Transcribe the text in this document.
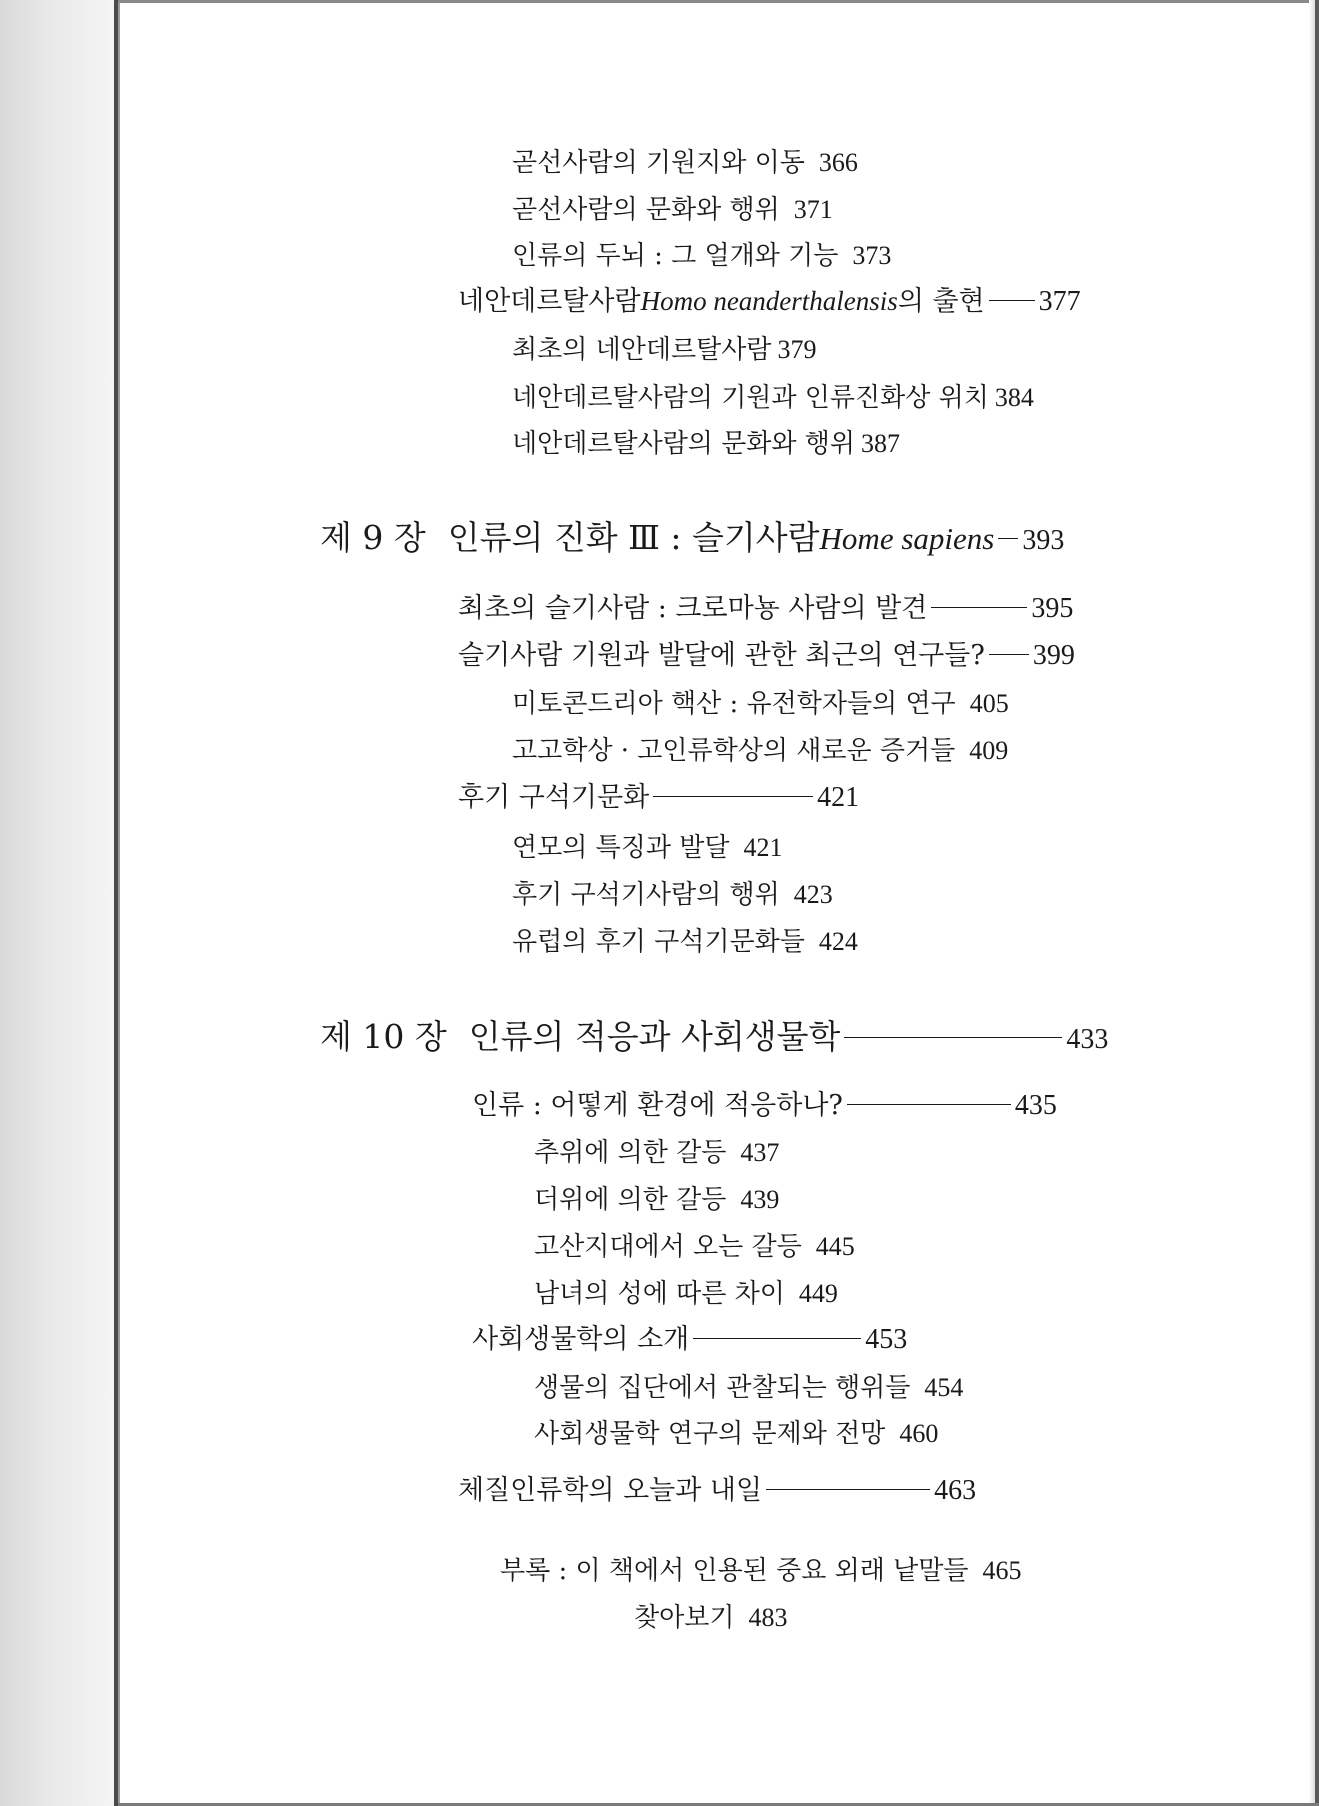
곧선사람의 기원지와 이동 366
곧선사람의 문화와 행위 371
인류의 두뇌 : 그 얼개와 기능 373
네안데르탈사람Homo neanderthalensis의 출현 377
최초의 네안데르탈사람 379
네안데르탈사람의 기원과 인류진화상 위치 384
네안데르탈사람의 문화와 행위 387
제 9 장 인류의 진화 Ⅲ : 슬기사람Home sapiens 393
최초의 슬기사람 : 크로마뇽 사람의 발견	395
슬기사람 기원과 발달에 관한 최근의 연구들? 399
미토콘드리아 핵산 : 유전학자들의 연구 405
고고학상 · 고인류학상의 새로운 증거들 409
후기 구석기문화	421
연모의 특징과 발달 421
후기 구석기사람의 행위 423
유럽의 후기 구석기문화들 424
제 10 장 인류의 적응과 사회생물학	433
인류 : 어떻게 환경에 적응하나?	435
추위에 의한 갈등 437
더위에 의한 갈등 439
고산지대에서 오는 갈등 445
남녀의 성에 따른 차이 449
사회생물학의 소개	453
생물의 집단에서 관찰되는 행위들 454
사회생물학 연구의 문제와 전망 460
체질인류학의 오늘과 내일	463
부록 : 이 책에서 인용된 중요 외래 낱말들 465
찾아보기 483
